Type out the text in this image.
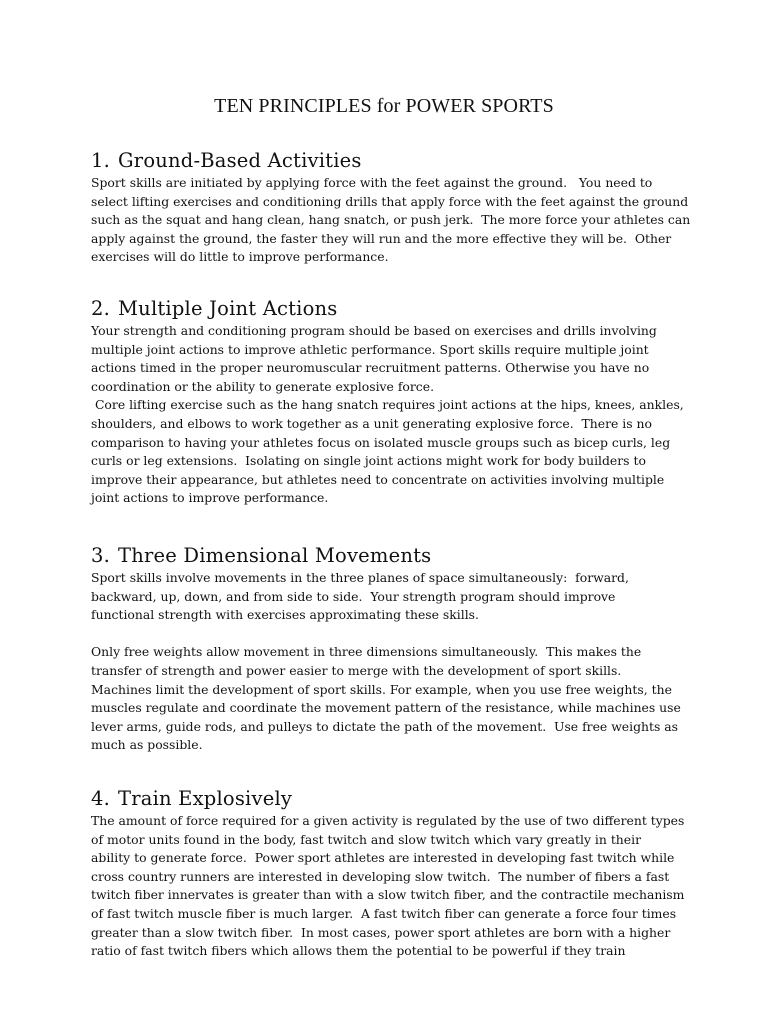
TEN PRINCIPLES for POWER SPORTS
1. Ground-Based Activities

Sport skills are initiated by applying force with the feet against the ground.   You need to
select lifting exercises and conditioning drills that apply force with the feet against the ground
such as the squat and hang clean, hang snatch, or push jerk.  The more force your athletes can
apply against the ground, the faster they will run and the more effective they will be.  Other
exercises will do little to improve performance.

2. Multiple Joint Actions

Your strength and conditioning program should be based on exercises and drills involving
multiple joint actions to improve athletic performance. Sport skills require multiple joint
actions timed in the proper neuromuscular recruitment patterns. Otherwise you have no
coordination or the ability to generate explosive force.

Core lifting exercise such as the hang snatch requires joint actions at the hips, knees, ankles,
shoulders, and elbows to work together as a unit generating explosive force.  There is no
comparison to having your athletes focus on isolated muscle groups such as bicep curls, leg
curls or leg extensions.  Isolating on single joint actions might work for body builders to
improve their appearance, but athletes need to concentrate on activities involving multiple
joint actions to improve performance.

3. Three Dimensional Movements

Sport skills involve movements in the three planes of space simultaneously:  forward,
backward, up, down, and from side to side.  Your strength program should improve
functional strength with exercises approximating these skills.

Only free weights allow movement in three dimensions simultaneously.  This makes the
transfer of strength and power easier to merge with the development of sport skills.
Machines limit the development of sport skills. For example, when you use free weights, the
muscles regulate and coordinate the movement pattern of the resistance, while machines use
lever arms, guide rods, and pulleys to dictate the path of the movement.  Use free weights as
much as possible.

4. Train Explosively

The amount of force required for a given activity is regulated by the use of two different types
of motor units found in the body, fast twitch and slow twitch which vary greatly in their
ability to generate force.  Power sport athletes are interested in developing fast twitch while
cross country runners are interested in developing slow twitch.  The number of fibers a fast
twitch fiber innervates is greater than with a slow twitch fiber, and the contractile mechanism
of fast twitch muscle fiber is much larger.  A fast twitch fiber can generate a force four times
greater than a slow twitch fiber.  In most cases, power sport athletes are born with a higher
ratio of fast twitch fibers which allows them the potential to be powerful if they train
